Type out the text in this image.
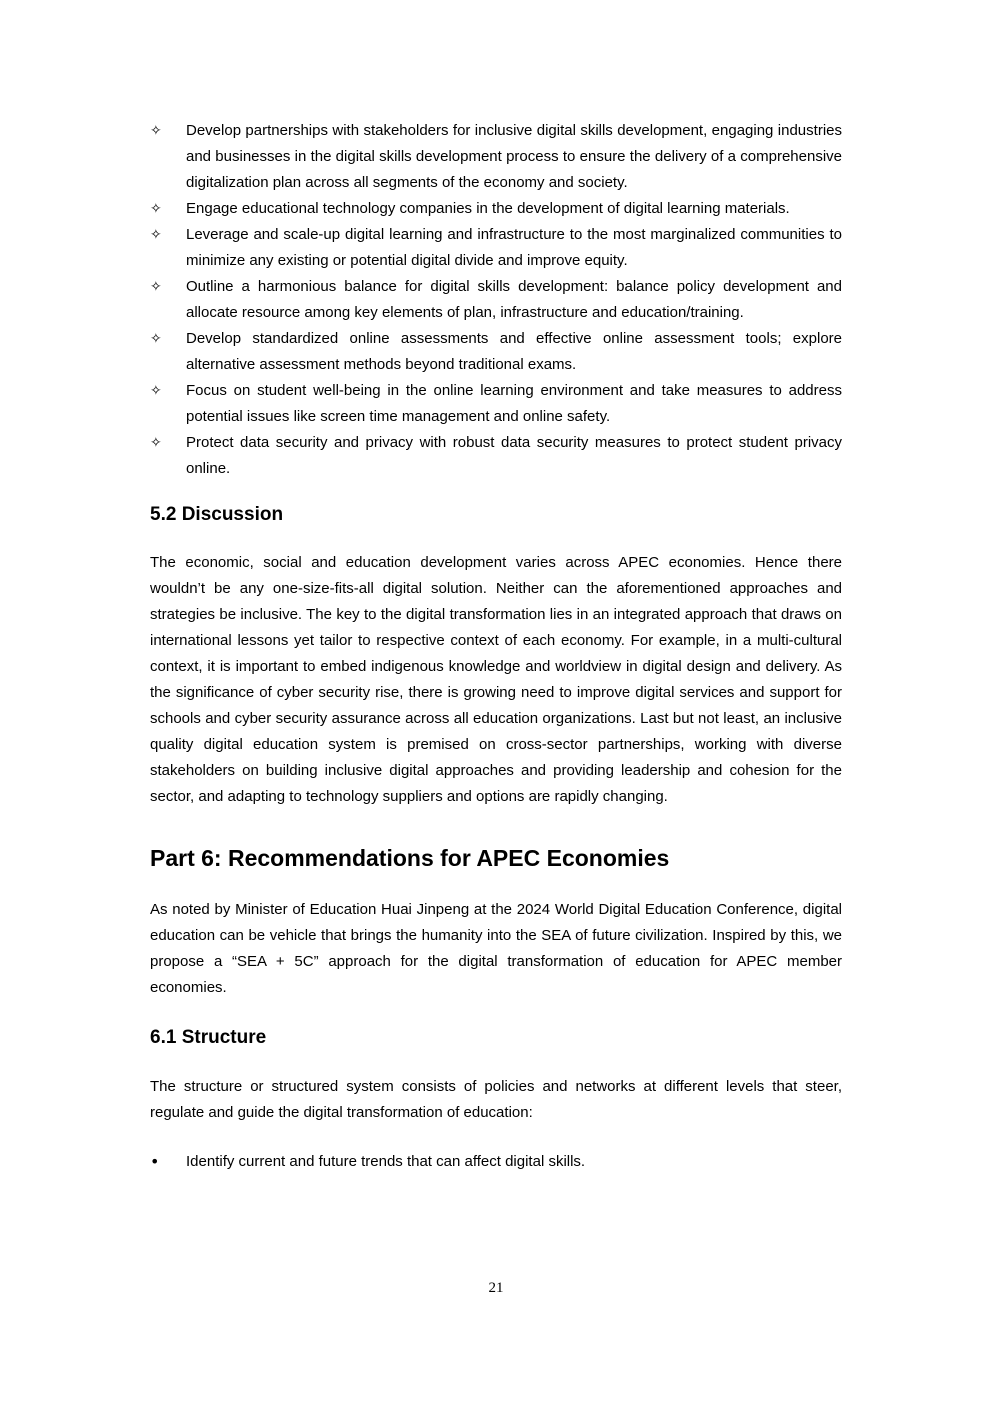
✧ Develop partnerships with stakeholders for inclusive digital skills development, engaging industries and businesses in the digital skills development process to ensure the delivery of a comprehensive digitalization plan across all segments of the economy and society.
✧ Engage educational technology companies in the development of digital learning materials.
✧ Leverage and scale-up digital learning and infrastructure to the most marginalized communities to minimize any existing or potential digital divide and improve equity.
✧ Outline a harmonious balance for digital skills development: balance policy development and allocate resource among key elements of plan, infrastructure and education/training.
✧ Develop standardized online assessments and effective online assessment tools; explore alternative assessment methods beyond traditional exams.
✧ Focus on student well-being in the online learning environment and take measures to address potential issues like screen time management and online safety.
✧ Protect data security and privacy with robust data security measures to protect student privacy online.
5.2 Discussion

The economic, social and education development varies across APEC economies. Hence there wouldn’t be any one-size-fits-all digital solution. Neither can the aforementioned approaches and strategies be inclusive. The key to the digital transformation lies in an integrated approach that draws on international lessons yet tailor to respective context of each economy. For example, in a multi-cultural context, it is important to embed indigenous knowledge and worldview in digital design and delivery. As the significance of cyber security rise, there is growing need to improve digital services and support for schools and cyber security assurance across all education organizations. Last but not least, an inclusive quality digital education system is premised on cross-sector partnerships, working with diverse stakeholders on building inclusive digital approaches and providing leadership and cohesion for the sector, and adapting to technology suppliers and options are rapidly changing.

Part 6: Recommendations for APEC Economies

As noted by Minister of Education Huai Jinpeng at the 2024 World Digital Education Conference, digital education can be vehicle that brings the humanity into the SEA of future civilization. Inspired by this, we propose a “SEA + 5C” approach for the digital transformation of education for APEC member economies.

6.1 Structure

The structure or structured system consists of policies and networks at different levels that steer, regulate and guide the digital transformation of education:

•	Identify current and future trends that can affect digital skills.
21
